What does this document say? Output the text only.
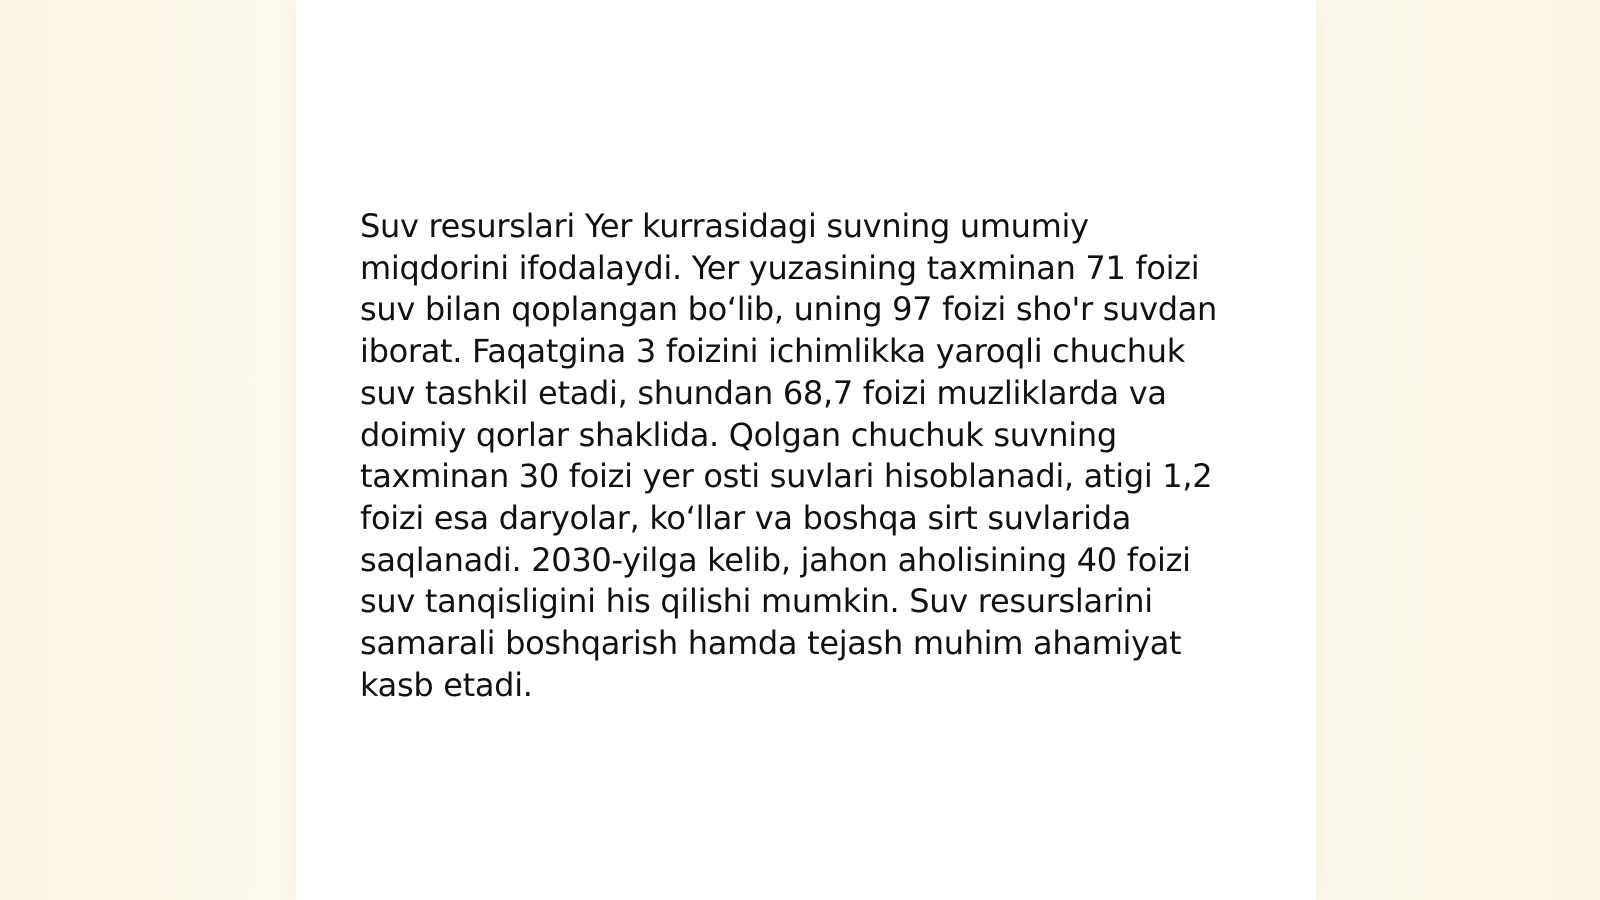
Suv resurslari Yer kurrasidagi suvning umumiy
miqdorini ifodalaydi. Yer yuzasining taxminan 71 foizi
suv bilan qoplangan bo‘lib, uning 97 foizi sho'r suvdan
iborat. Faqatgina 3 foizini ichimlikka yaroqli chuchuk
suv tashkil etadi, shundan 68,7 foizi muzliklarda va
doimiy qorlar shaklida. Qolgan chuchuk suvning
taxminan 30 foizi yer osti suvlari hisoblanadi, atigi 1,2
foizi esa daryolar, ko‘llar va boshqa sirt suvlarida
saqlanadi. 2030-yilga kelib, jahon aholisining 40 foizi
suv tanqisligini his qilishi mumkin. Suv resurslarini
samarali boshqarish hamda tejash muhim ahamiyat
kasb etadi.
